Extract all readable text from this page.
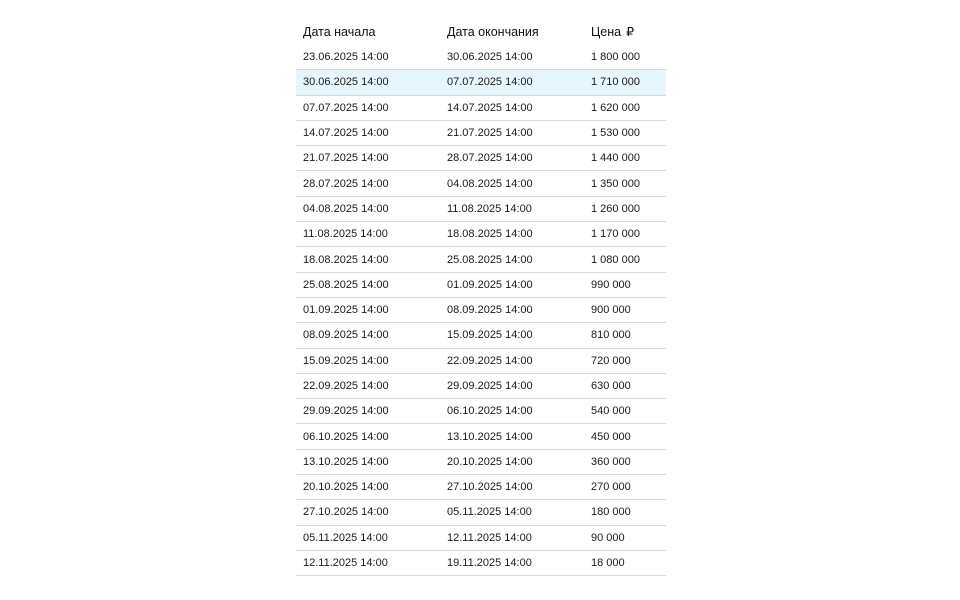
Дата начала	Дата окончания	Цена ₽
23.06.2025 14:00	30.06.2025 14:00	1 800 000
30.06.2025 14:00	07.07.2025 14:00	1 710 000
07.07.2025 14:00	14.07.2025 14:00	1 620 000
14.07.2025 14:00	21.07.2025 14:00	1 530 000
21.07.2025 14:00	28.07.2025 14:00	1 440 000
28.07.2025 14:00	04.08.2025 14:00	1 350 000
04.08.2025 14:00	11.08.2025 14:00	1 260 000
11.08.2025 14:00	18.08.2025 14:00	1 170 000
18.08.2025 14:00	25.08.2025 14:00	1 080 000
25.08.2025 14:00	01.09.2025 14:00	990 000
01.09.2025 14:00	08.09.2025 14:00	900 000
08.09.2025 14:00	15.09.2025 14:00	810 000
15.09.2025 14:00	22.09.2025 14:00	720 000
22.09.2025 14:00	29.09.2025 14:00	630 000
29.09.2025 14:00	06.10.2025 14:00	540 000
06.10.2025 14:00	13.10.2025 14:00	450 000
13.10.2025 14:00	20.10.2025 14:00	360 000
20.10.2025 14:00	27.10.2025 14:00	270 000
27.10.2025 14:00	05.11.2025 14:00	180 000
05.11.2025 14:00	12.11.2025 14:00	90 000
12.11.2025 14:00	19.11.2025 14:00	18 000
